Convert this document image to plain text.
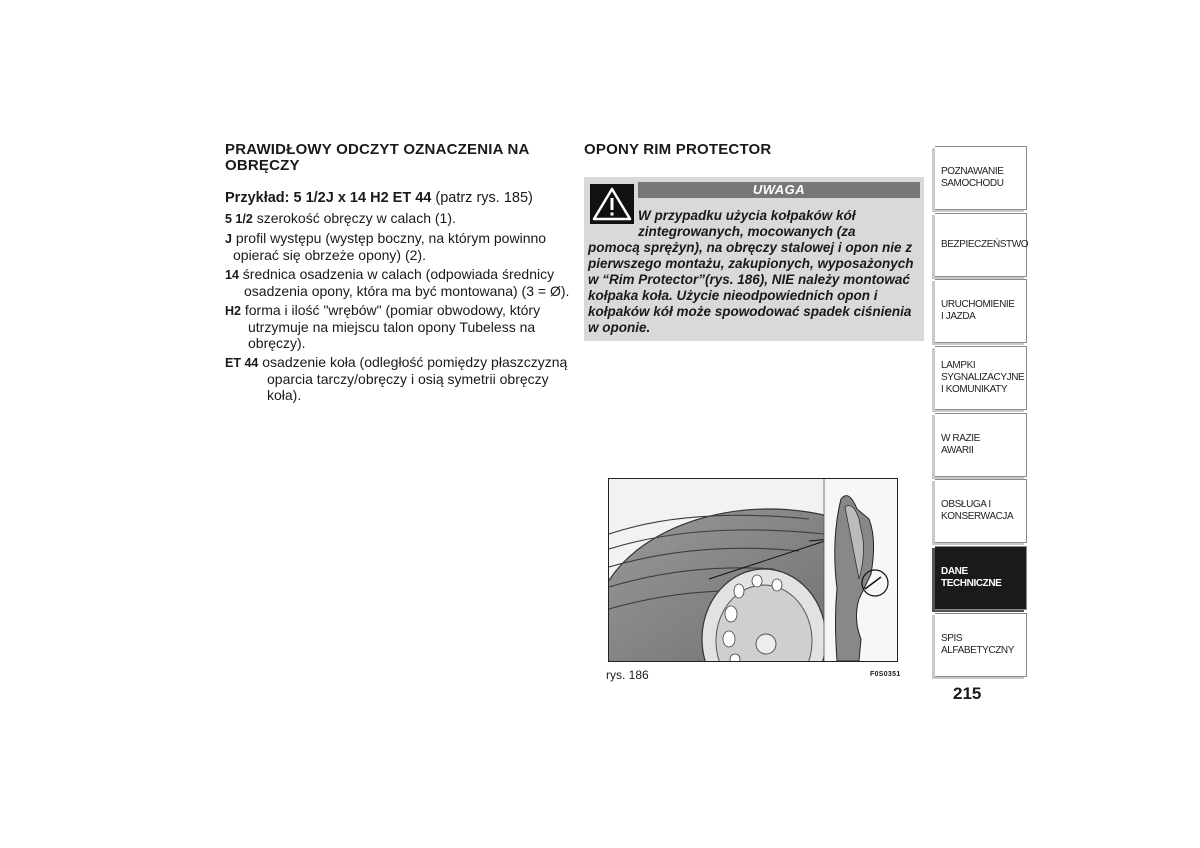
PRAWIDŁOWY ODCZYT OZNACZENIA NA OBRĘCZY
Przykład: 5 1/2J x 14 H2 ET 44 (patrz rys. 185)
5 1/2 szerokość obręczy w calach (1).
J profil występu (występ boczny, na którym powinno opierać się obrzeże opony) (2).
14 średnica osadzenia w calach (odpowiada średnicy osadzenia opony, która ma być montowana) (3 = Ø).
H2 forma i ilość "wrębów" (pomiar obwodowy, który utrzymuje na miejscu talon opony Tubeless na obręczy).
ET 44 osadzenie koła (odległość pomiędzy płaszczyzną oparcia tarczy/obręczy i osią symetrii obręczy koła).
OPONY RIM PROTECTOR
UWAGA
W przypadku użycia kołpaków kół zintegrowanych, mocowanych (za
pomocą sprężyn), na obręczy stalowej i opon nie z pierwszego montażu, zakupionych, wyposażonych w “Rim Protector”(rys. 186), NIE należy montować kołpaka koła. Użycie nieodpowiednich opon i kołpaków kół może spowodować spadek ciśnienia w oponie.
rys. 186	F0S0351
POZNAWANIE SAMOCHODU
BEZPIECZEŃSTWO
URUCHOMIENIE I JAZDA
LAMPKI SYGNALIZACYJNE I KOMUNIKATY
W RAZIE AWARII
OBSŁUGA I KONSERWACJA
DANE TECHNICZNE
SPIS ALFABETYCZNY
215
